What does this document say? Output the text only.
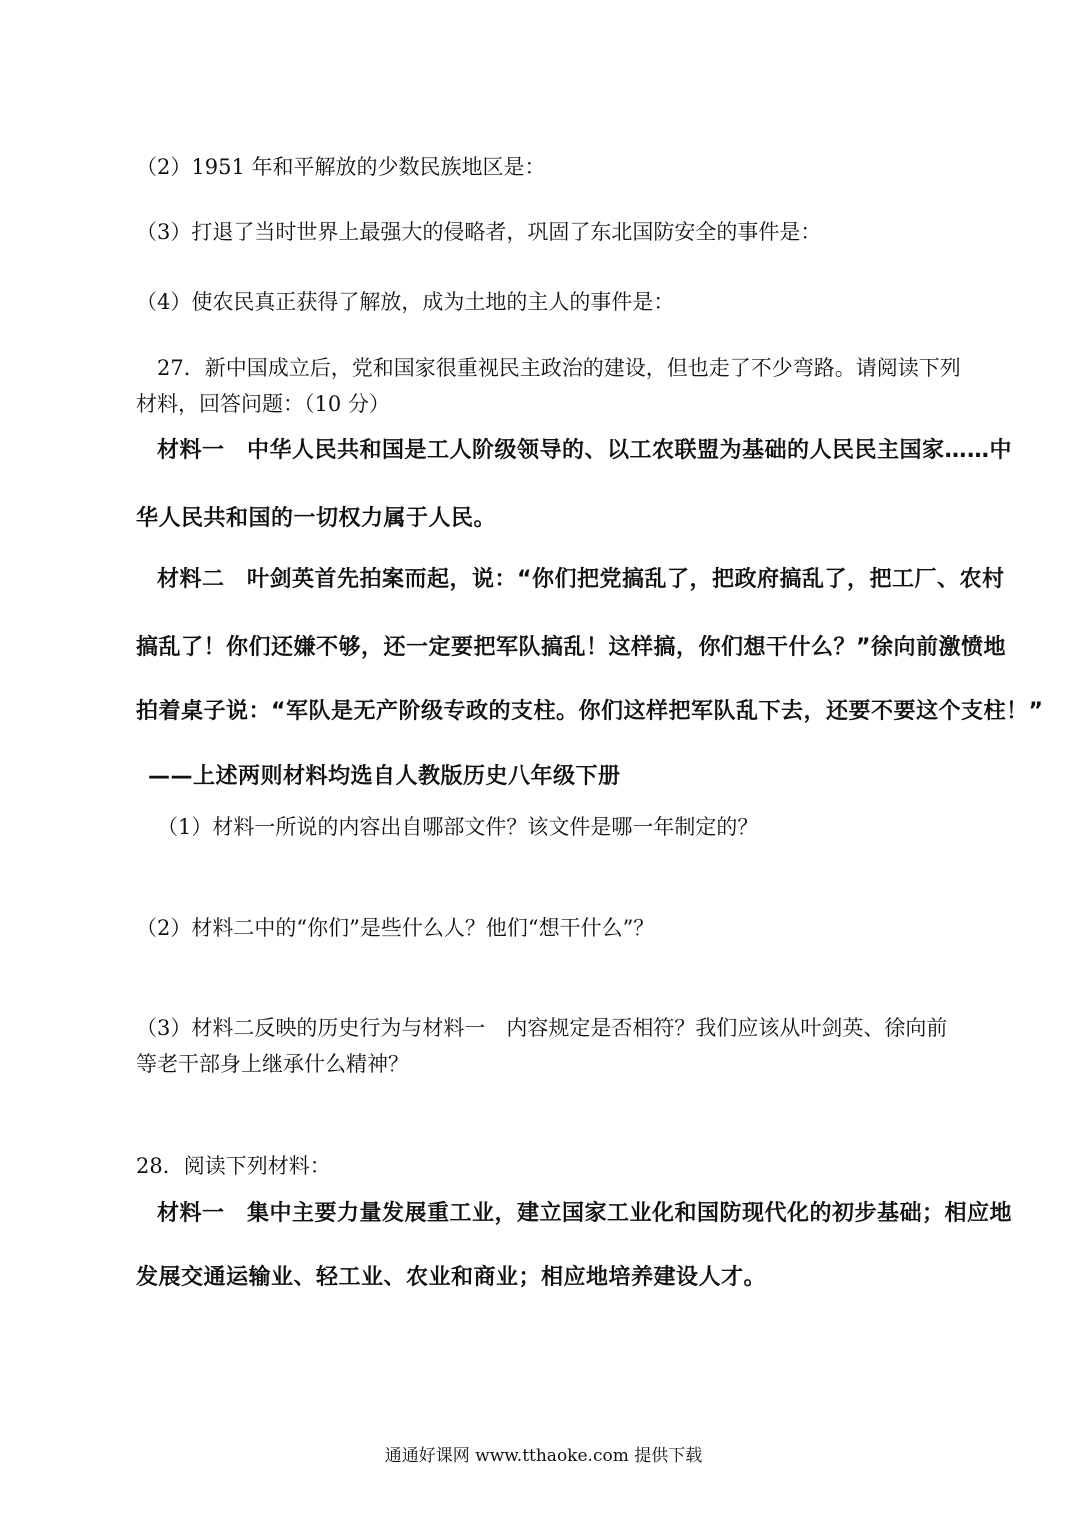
（2）1951 年和平解放的少数民族地区是：
（3）打退了当时世界上最强大的侵略者，巩固了东北国防安全的事件是：
（4）使农民真正获得了解放，成为土地的主人的事件是：
27．新中国成立后，党和国家很重视民主政治的建设，但也走了不少弯路。请阅读下列
材料，回答问题：（10 分）
材料一　中华人民共和国是工人阶级领导的、以工农联盟为基础的人民民主国家……中
华人民共和国的一切权力属于人民。
材料二　叶剑英首先拍案而起，说：“你们把党搞乱了，把政府搞乱了，把工厂、农村
搞乱了！你们还嫌不够，还一定要把军队搞乱！这样搞，你们想干什么？”徐向前激愤地
拍着桌子说：“军队是无产阶级专政的支柱。你们这样把军队乱下去，还要不要这个支柱！”
——上述两则材料均选自人教版历史八年级下册
（1）材料一所说的内容出自哪部文件？该文件是哪一年制定的？
（2）材料二中的“你们”是些什么人？他们“想干什么”？
（3）材料二反映的历史行为与材料一　内容规定是否相符？我们应该从叶剑英、徐向前
等老干部身上继承什么精神？
28．阅读下列材料：
材料一　集中主要力量发展重工业，建立国家工业化和国防现代化的初步基础；相应地
发展交通运输业、轻工业、农业和商业；相应地培养建设人才。
通通好课网 www.tthaoke.com 提供下载
